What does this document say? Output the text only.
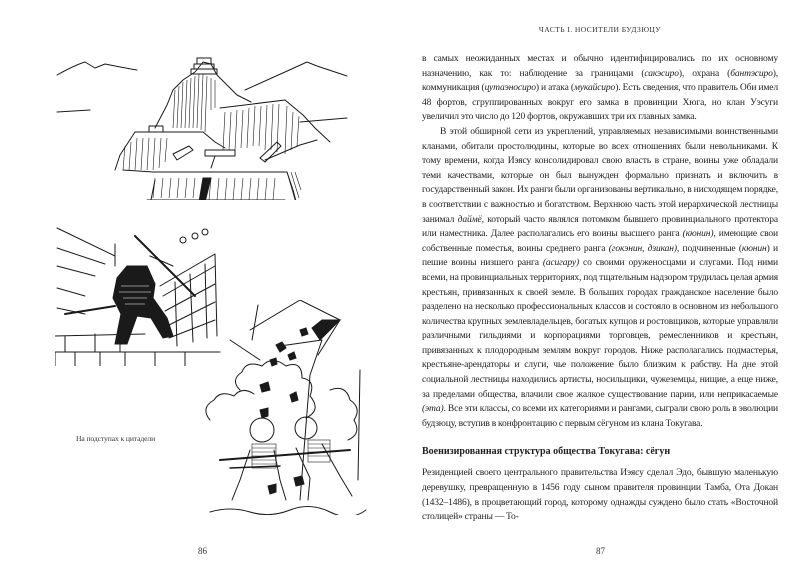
На подступах к цитадели
86
ЧАСТЬ I. НОСИТЕЛИ БУДЗЮЦУ

в самых неожиданных местах и обычно идентифицировались по их основному назначению, как то: наблюдение за границами (сакэсиро), охрана (бантэсиро), коммуникация (цутаэносиро) и атака (мукайсиро). Есть сведения, что правитель Оби имел 48 фортов, сгруппированных вокруг его замка в провинции Хюга, но клан Уэсуги увеличил это число до 120 фортов, окружавших три их главных замка.

В этой обширной сети из укреплений, управляемых независимыми воинственными кланами, обитали простолюдины, которые во всех отношениях были невольниками. К тому времени, когда Иэясу консолидировал свою власть в стране, воины уже обладали теми качествами, которые он был вынужден формально признать и включить в государственный закон. Их ранги были организованы вертикально, в нисходящем порядке, в соответствии с важностью и богатством. Верхнюю часть этой иерархической лестницы занимал даймё, который часто являлся потомком бывшего провинциального протектора или наместника. Далее располагались его воины высшего ранга (кюнин), имеющие свои собственные поместья, воины среднего ранга (гокэнин, дзикан), подчиненные (кюнин) и пешие воины низшего ранга (асигару) со своими оруженосцами и слугами. Под ними всеми, на провинциальных территориях, под тщательным надзором трудилась целая армия крестьян, привязанных к своей земле. В больших городах гражданское население было разделено на несколько профессиональных классов и состояло в основном из небольшого количества крупных землевладельцев, богатых купцов и ростовщиков, которые управляли различными гильдиями и корпорациями торговцев, ремесленников и крестьян, привязанных к плодородным землям вокруг городов. Ниже располагались подмастерья, крестьяне-арендаторы и слуги, чье положение было близким к рабству. На дне этой социальной лестницы находились артисты, носильщики, чужеземцы, нищие, а еще ниже, за пределами общества, влачили свое жалкое существование парии, или неприкасаемые (эта). Все эти классы, со всеми их категориями и рангами, сыграли свою роль в эволюции будзюцу, вступив в конфронтацию с первым сёгуном из клана Токугава.

Военизированная структура общества Токугава: сёгун
Резиденцией своего центрального правительства Иэясу сделал Эдо, бывшую маленькую деревушку, превращенную в 1456 году сыном правителя провинции Тамба, Ота Докан (1432–1486), в процветающий город, которому однажды суждено было стать «Восточной столицей» страны — То-
87
